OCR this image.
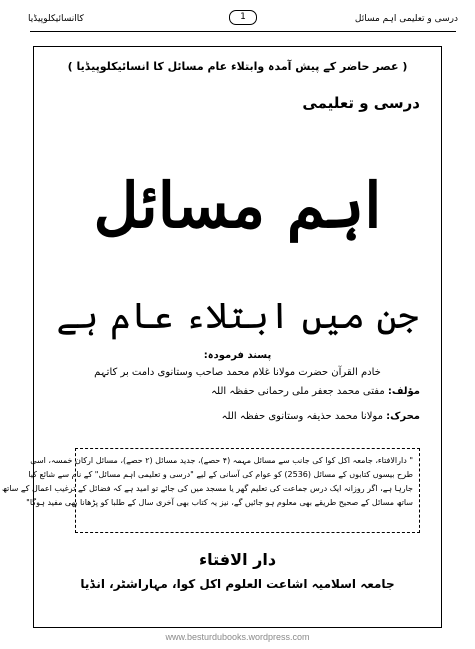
کاانسائیکلوپیڈیا	1	درسی و تعلیمی اہم مسائل
( عصر حاضر کے پیش آمدہ وابتلاء عام مسائل کا انسائیکلوپیڈیا )
درسی و تعلیمی
اہم مسائل
جن میں ابتلاء عام ہے
پسند فرمودہ:
خادم القرآن حضرت مولانا غلام محمد صاحب وستانوی دامت بر کاتہم
مؤلف: مفتی محمد جعفر ملی رحمانی حفظہ اللہ
محرک: مولانا محمد حذیفہ وستانوی حفظہ اللہ
" دارالافتاء، جامعہ اکل کوا کی جانب سے مسائل مہمہ (۴ حصے)، جدید مسائل (۲ حصے)، مسائل ارکان خمسہ، اسی
طرح بیسوں کتابوں کے مسائل (2536) کو عوام کی آسانی کے لیے "درسی و تعلیمی اہم مسائل" کے نام سے شائع کیا
جارہا ہے، اگر روزانہ ایک درس جماعت کی تعلیم گھر یا مسجد میں کی جائے تو امید ہے کہ فضائل کے ترغیب اعمال کے ساتھ
ساتھ مسائل کے صحیح طریقے بھی معلوم ہو جائیں گے، نیز یہ کتاب بھی آخری سال کے طلبا کو پڑھانا بھی مفید ہوگا"
دار الافتاء
جامعہ اسلامیہ اشاعت العلوم اکل کوا، مہاراشٹر، انڈیا
www.besturdubooks.wordpress.com
